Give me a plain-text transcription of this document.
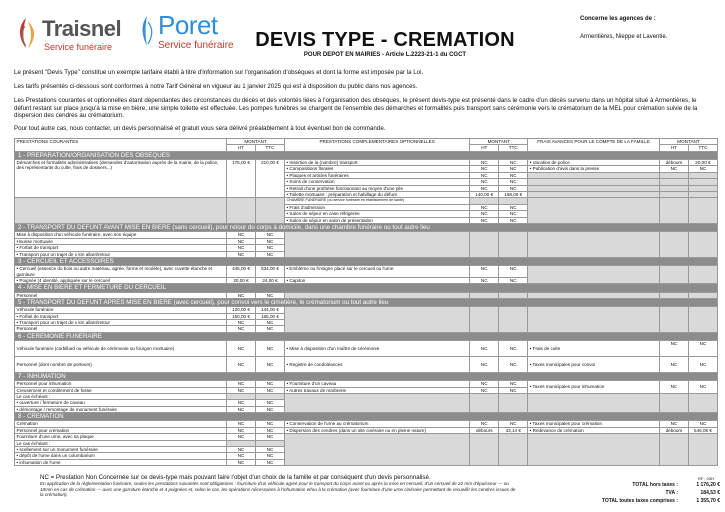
Traisnel
Service funéraire
Poret
Service funéraire	DEVIS TYPE - CREMATION
POUR DEPOT EN MAIRIES - Article L.2223-21-1 du CGCT
Concerne les agences de :
Armentières, Nieppe et Laventie.

Le présent "Devis Type" constitue un exemple tarifaire établi à titre d'information sur l'organisation d'obsèques et dont la forme est imposée par la Loi.

Les tarifs présentés ci-dessous sont conformes à notre Tarif Général en vigueur au 1 janvier 2025 qui est à disposition du public dans nos agences.

Les Prestations courantes et optionnelles étant dépendantes des circonstances du décès et des volontés liées à l'organisation des obsèques, le présent devis-type est présenté dans le cadre d'un décès survenu dans un hôpital situé à Armentières, le défunt restant sur place jusqu'à la mise en bière, une simple toilette est effectuée. Les pompes funèbres se chargent de l'ensemble des démarches et formalités puis transport sans cérémonie vers le crématorium de la MEL pour crémation suivie de la dispersion des cendres au crématorium.

Pour tout autre cas, nous contacter, un devis personnalisé et gratuit vous sera délivré préalablement à tout éventuel bon de commande.

PRESTATIONS COURANTES	MONTANT		PRESTATIONS COMPLEMENTAIRES OPTIONNELLES	MONTANT		FRAIS AVANCES POUR LE COMPTE DE LA FAMILLE	MONTANT	
	HT	TTC		HT	TTC		HT	TTC
1 - PREPARATION/ORGANISATION DES OBSEQUES								
Démarches et formalités administratives (demandes d'autorisation auprès de la mairie, de la police, des représentants du culte, frais de dossiers...)	175,00 €	210,00 €	• Insertion de la (nombre) transport	NC	NC	• Vacation de police	débours	20,00 €
			• Compositions florales	NC	NC	• Publication d'avis dans la presse	NC	NC
			• Plaques et articles funéraires	NC	NC			
			• Soins de conservation	NC	NC			
			• Retrait d'une prothèse fonctionnant au moyen d'une pile	NC	NC			
			• Toilette mortuaire : préparation et habillage du défunt	140,00 €	168,00 €			
			CHAMBRE FUNERAIRE (ou service funéraire en établissement de santé)					
			• Frais d'admission	NC	NC			
			• Salon de séjour en case réfrigérée	NC	NC			
			• Salon de séjour en salon de présentation	NC	NC			
2 - TRANSPORT DU DEFUNT AVANT MISE EN BIERE (sans cercueil), pour retour du corps à domicile, dans une chambre funéraire ou tout autre lieu								
Mise à disposition d'un véhicule funéraire, avec son équipe	NC	NC						
Housse mortuaire	NC	NC						
• Forfait de transport	NC	NC						
• Transport pour un trajet de x km allant/retour	NC	NC						
3 - CERCUEIL ET ACCESSOIRES								
• Cercueil (essence du bois ou autre matériau, agrée, forme et modèle), avec cuvette étanche et garniture	445,00 €	534,00 €	• Emblème ou l'insigne placé sur le cercueil ou l'urne	NC	NC			
• Poignée (4 identité, appliquée sur le cercueil	20,00 €	24,00 €	• Capiton	NC	NC			
4 - MISE EN BIERE ET FERMETURE DU CERCUEIL								
Personnel	NC	NC						
5 - TRANSPORT DU DEFUNT APRES MISE EN BIERE (avec cercueil), pour convoi vers le cimetière, le crématorium ou tout autre lieu								
Véhicule funéraire	120,00 €	144,00 €						
• Forfait de transport	150,00 €	165,00 €						
• Transport pour un trajet de x km allant/retour	NC	NC						
Personnel	NC	NC						
6 - CEREMONIE FUNERAIRE								
Véhicule funéraire (corbillard ou véhicule de cérémonie ou fourgon mortuaire)	NC	NC	• Mise à disposition d'un maître de cérémonie	NC	NC	• Frais de culte	NC	NC
Personnel (dont nombre de porteurs)	NC	NC	• Registre de condoléances	NC	NC	• Taxes municipales pour convoi	NC	NC
7 - INHUMATION								
Personnel pour inhumation	NC	NC	• Fourniture d'un caveau	NC	NC	• Taxes municipales pour inhumation	NC	NC
Creusement et comblement de fosse	NC	NC	• Autres travaux de marbrerie	NC	NC			
Le cas échéant :								
• ouverture / fermeture de caveau	NC	NC						
• démontage / remontage de monument funéraire	NC	NC						
8 - CREMATION								
Crémation	NC	NC	• Conservation de l'urne au crématorium	NC	NC	• Taxes municipales pour crémation	NC	NC
Personnel pour crémation	NC	NC	• Dispersion des cendres (dans un site cinéraire ou en pleine nature)	débours	43,14 €	• Redevance de crémation	débours	546,05 €
Fourniture d'une urne, avec sa plaque	NC	NC						
Le cas échéant :								
• scellement sur un monument funéraire	NC	NC						
• dépôt de l'urne dans un columbarium	NC	NC						
• inhumation de l'urne	NC	NC						
NC = Prestation Non Concernée sur ce devis-type mais pouvant faire l'objet d'un choix de la famille et par conséquent d'un devis personnalisé.
En application de la réglementation funéraire, seules les prestations suivantes sont obligatoires : fourniture d'un véhicule agréé pour le transport du corps avant ou après la mise en cercueil, d'un cercueil de 22 mm d'épaisseur — ou 18mm en cas de crémation — avec une garniture étanche et 4 poignées et, selon le cas, les opérations nécessaires à l'inhumation et/ou à la crémation (avec fourniture d'une urne cinéraire permettant de recueillir les cendres issues de la crémation).
RF : 03H
TOTAL hors taxes :	1 176,20 €
TVA :	184,53 €
TOTAL toutes taxes comprises :	1 355,70 €
